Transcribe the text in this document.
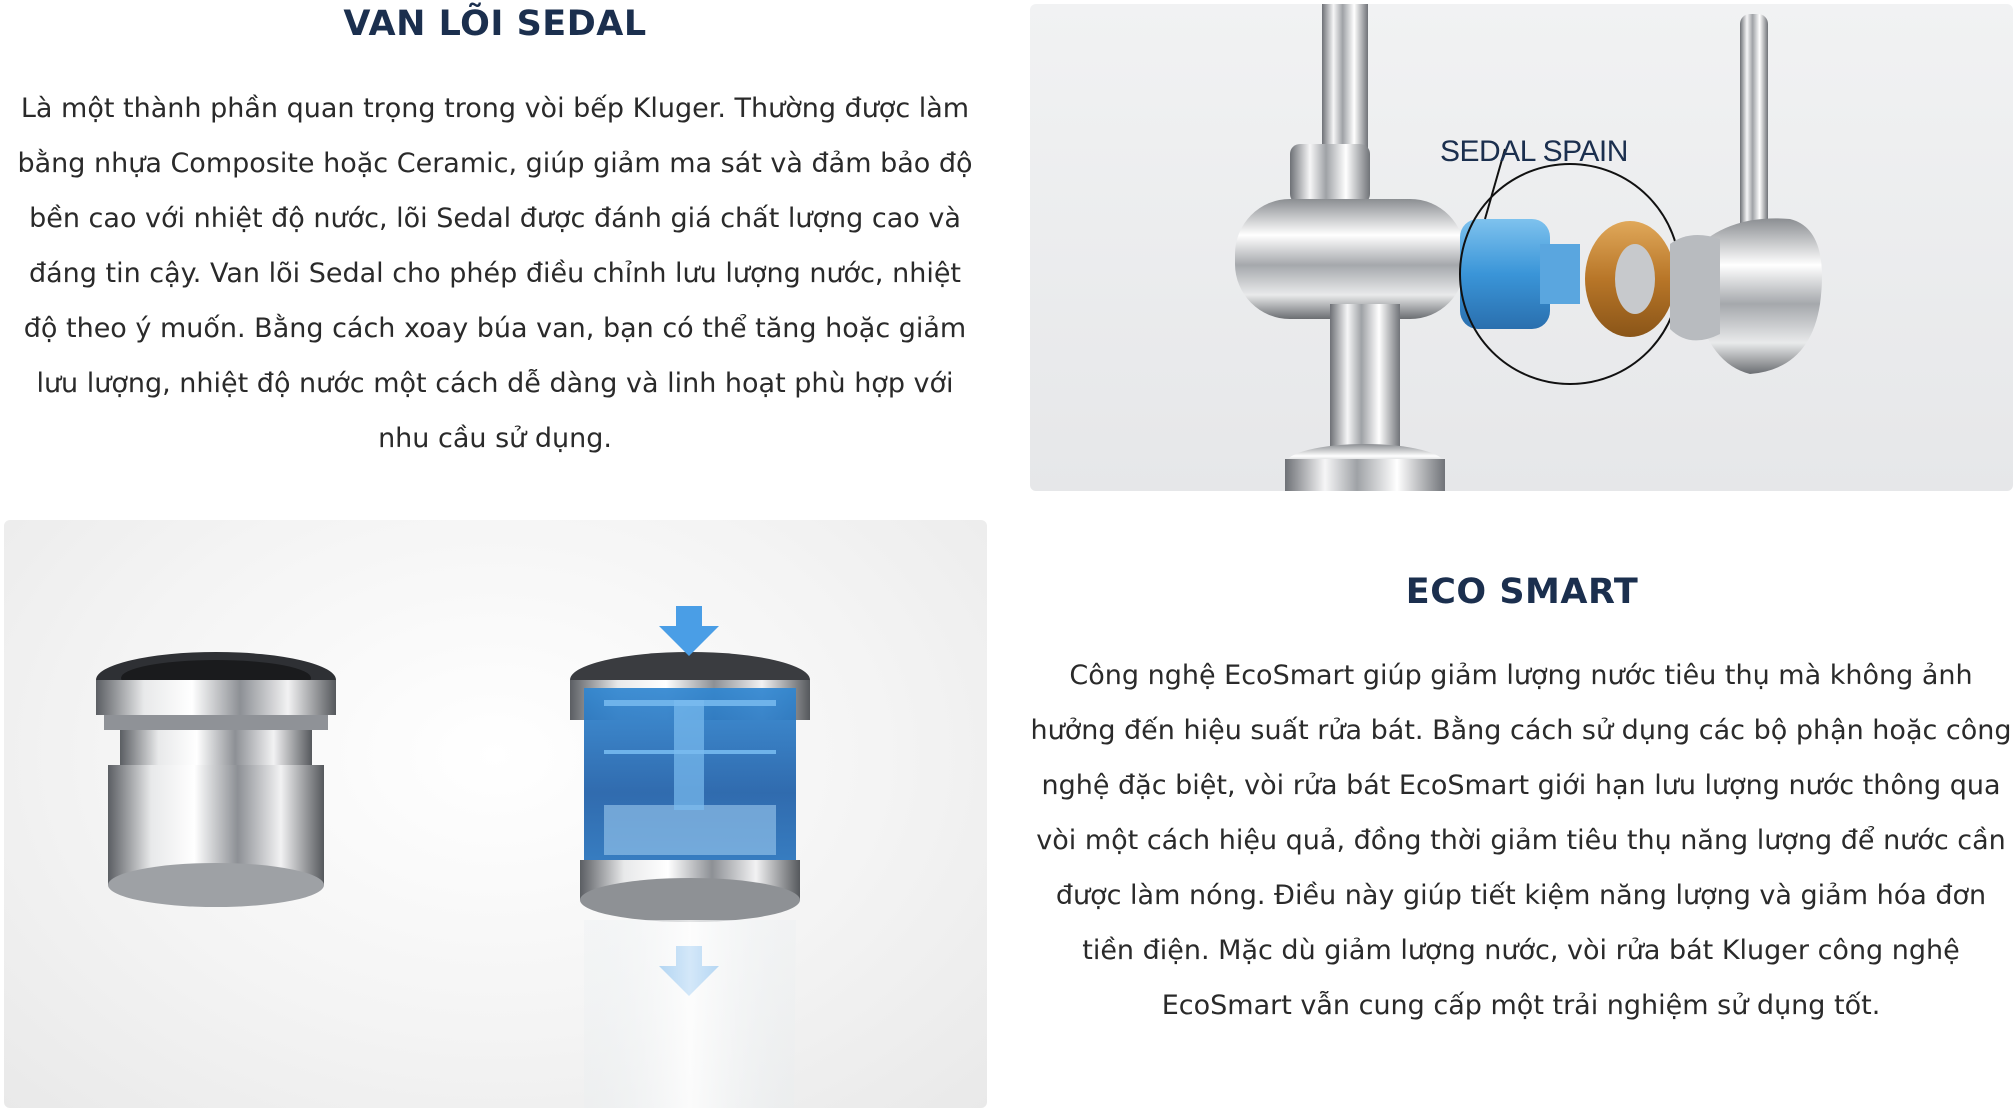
VAN LÕI SEDAL

Là một thành phần quan trọng trong vòi bếp Kluger. Thường được làm bằng nhựa Composite hoặc Ceramic, giúp giảm ma sát và đảm bảo độ bền cao với nhiệt độ nước, lõi Sedal được đánh giá chất lượng cao và đáng tin cậy. Van lõi Sedal cho phép điều chỉnh lưu lượng nước, nhiệt độ theo ý muốn. Bằng cách xoay búa van, bạn có thể tăng hoặc giảm lưu lượng, nhiệt độ nước một cách dễ dàng và linh hoạt phù hợp với nhu cầu sử dụng.

SEDAL SPAIN
ECO SMART

Công nghệ EcoSmart giúp giảm lượng nước tiêu thụ mà không ảnh hưởng đến hiệu suất rửa bát. Bằng cách sử dụng các bộ phận hoặc công nghệ đặc biệt, vòi rửa bát EcoSmart giới hạn lưu lượng nước thông qua vòi một cách hiệu quả, đồng thời giảm tiêu thụ năng lượng để nước cần được làm nóng. Điều này giúp tiết kiệm năng lượng và giảm hóa đơn tiền điện. Mặc dù giảm lượng nước, vòi rửa bát Kluger công nghệ EcoSmart vẫn cung cấp một trải nghiệm sử dụng tốt.
